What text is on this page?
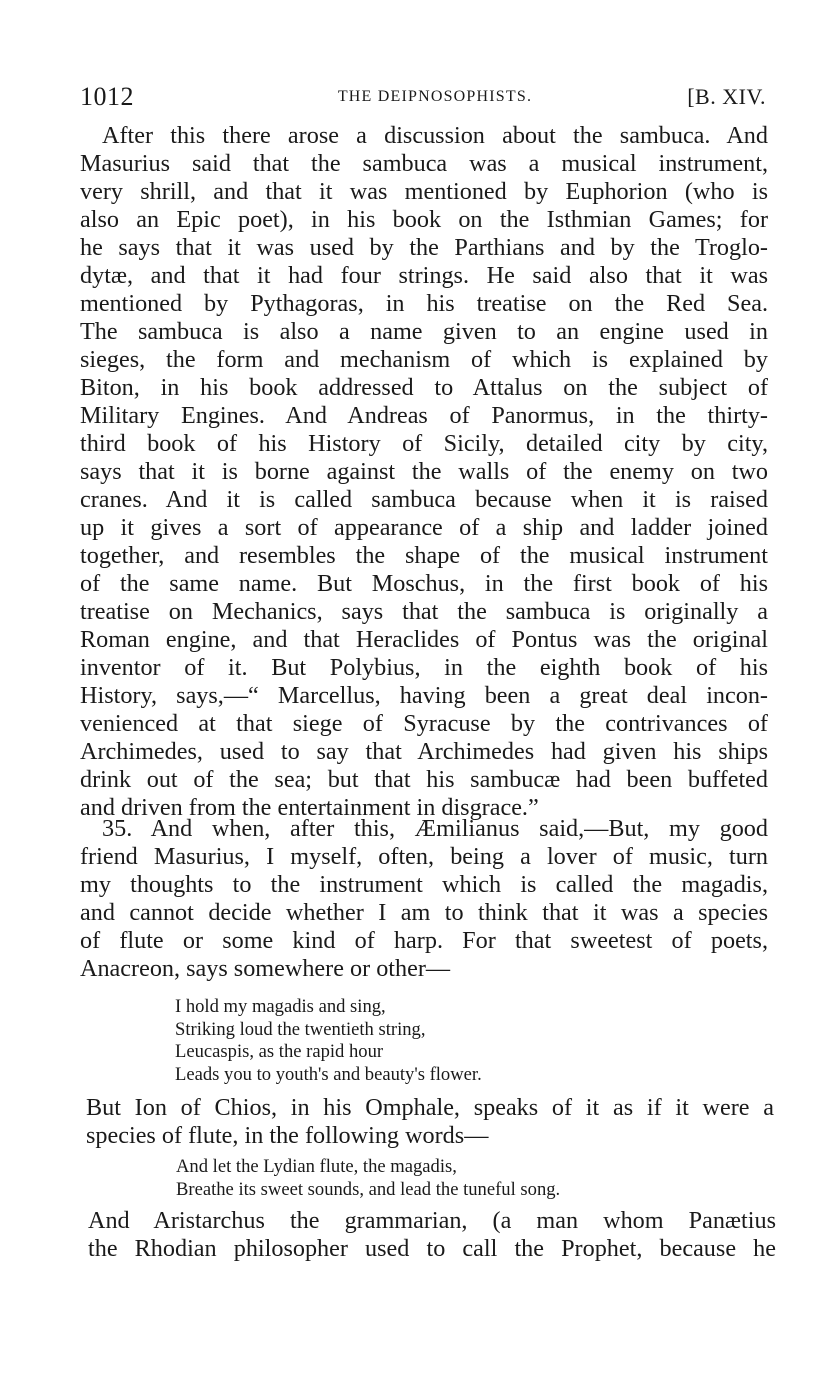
1012	THE DEIPNOSOPHISTS.	[B. XIV.
After this there arose a discussion about the sambuca. And
Masurius said that the sambuca was a musical instrument,
very shrill, and that it was mentioned by Euphorion (who is
also an Epic poet), in his book on the Isthmian Games; for
he says that it was used by the Parthians and by the Troglo-
dytæ, and that it had four strings. He said also that it was
mentioned by Pythagoras, in his treatise on the Red Sea.
The sambuca is also a name given to an engine used in
sieges, the form and mechanism of which is explained by
Biton, in his book addressed to Attalus on the subject of
Military Engines. And Andreas of Panormus, in the thirty-
third book of his History of Sicily, detailed city by city,
says that it is borne against the walls of the enemy on two
cranes. And it is called sambuca because when it is raised
up it gives a sort of appearance of a ship and ladder joined
together, and resembles the shape of the musical instrument
of the same name. But Moschus, in the first book of his
treatise on Mechanics, says that the sambuca is originally a
Roman engine, and that Heraclides of Pontus was the original
inventor of it. But Polybius, in the eighth book of his
History, says,—“ Marcellus, having been a great deal incon-
venienced at that siege of Syracuse by the contrivances of
Archimedes, used to say that Archimedes had given his ships
drink out of the sea; but that his sambucæ had been buffeted
and driven from the entertainment in disgrace.”
35. And when, after this, Æmilianus said,—But, my good
friend Masurius, I myself, often, being a lover of music, turn
my thoughts to the instrument which is called the magadis,
and cannot decide whether I am to think that it was a species
of flute or some kind of harp. For that sweetest of poets,
Anacreon, says somewhere or other—
I hold my magadis and sing,
Striking loud the twentieth string,
Leucaspis, as the rapid hour
Leads you to youth's and beauty's flower.
But Ion of Chios, in his Omphale, speaks of it as if it were a
species of flute, in the following words—
And let the Lydian flute, the magadis,
Breathe its sweet sounds, and lead the tuneful song.
And Aristarchus the grammarian, (a man whom Panætius
the Rhodian philosopher used to call the Prophet, because he
